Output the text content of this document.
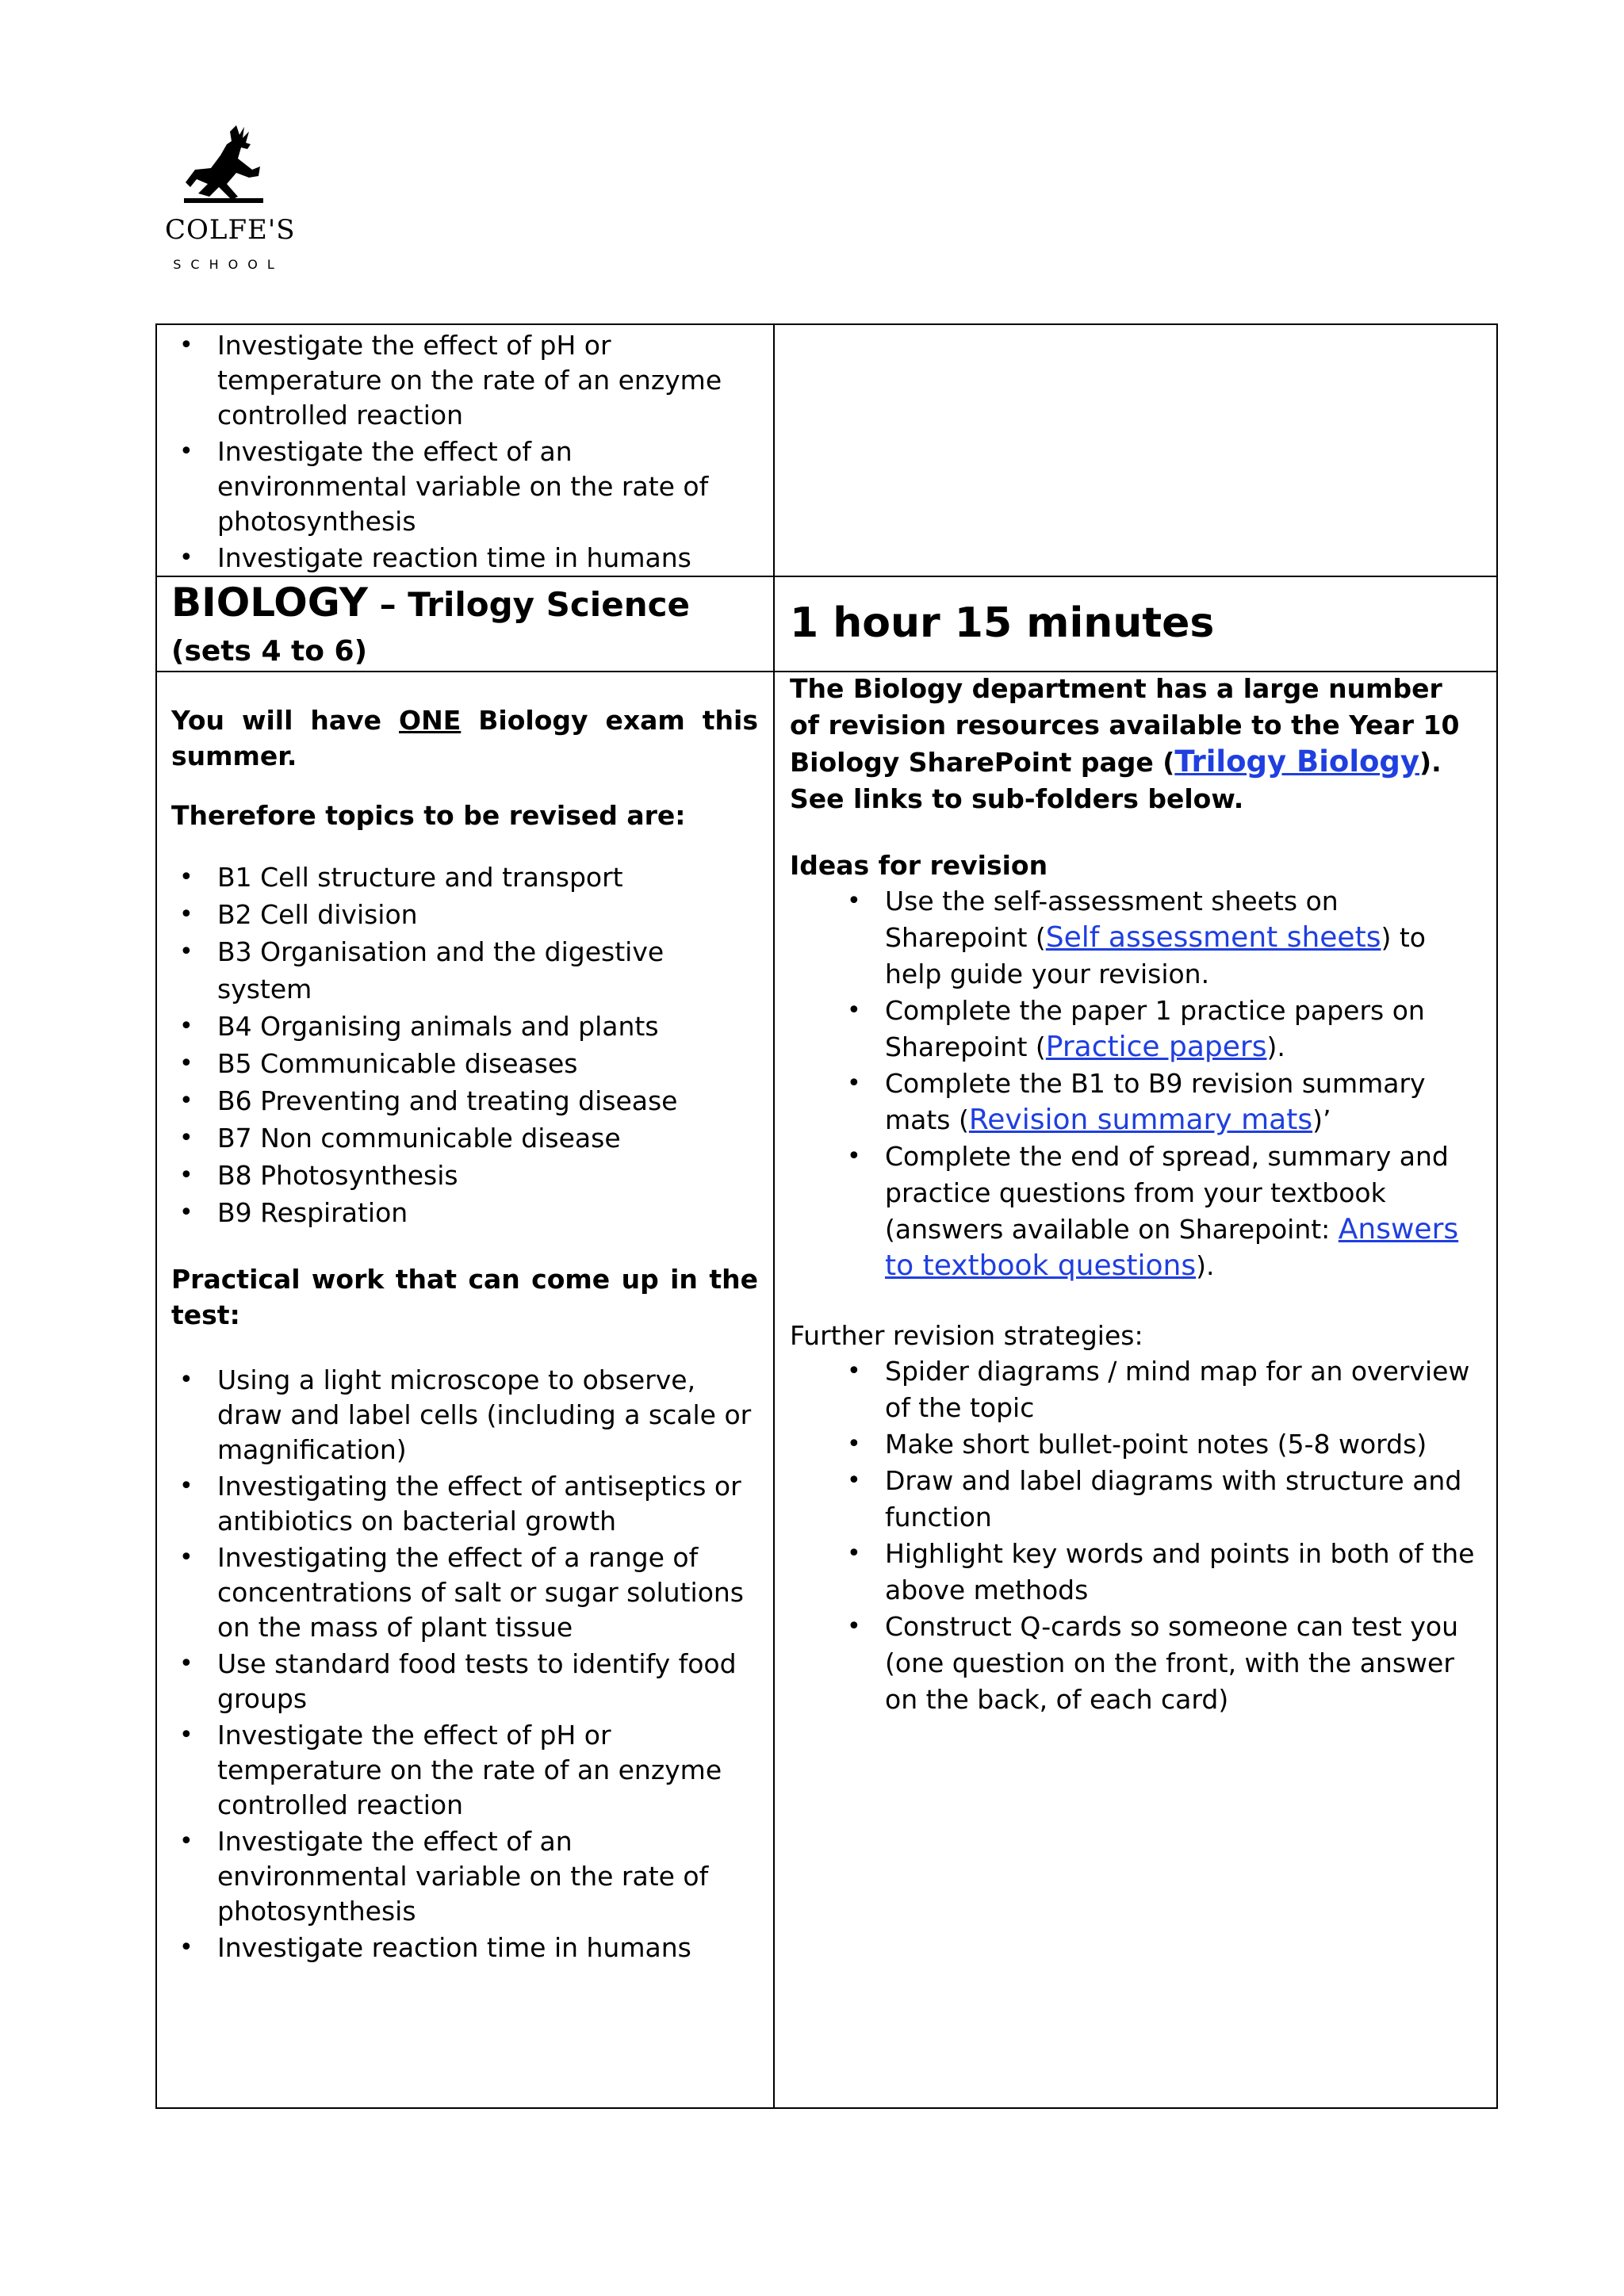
COLFE'S
SCHOOL
• Investigate the effect of pH or temperature on the rate of an enzyme controlled reaction
• Investigate the effect of an environmental variable on the rate of photosynthesis
• Investigate reaction time in humans
BIOLOGY – Trilogy Science
(sets 4 to 6)
1 hour 15 minutes
You will have ONE Biology exam this summer.
Therefore topics to be revised are:
• B1 Cell structure and transport
• B2 Cell division
• B3 Organisation and the digestive system
• B4 Organising animals and plants
• B5 Communicable diseases
• B6 Preventing and treating disease
• B7 Non communicable disease
• B8 Photosynthesis
• B9 Respiration
Practical work that can come up in the test:
• Using a light microscope to observe, draw and label cells (including a scale or magnification)
• Investigating the effect of antiseptics or antibiotics on bacterial growth
• Investigating the effect of a range of concentrations of salt or sugar solutions on the mass of plant tissue
• Use standard food tests to identify food groups
• Investigate the effect of pH or temperature on the rate of an enzyme controlled reaction
• Investigate the effect of an environmental variable on the rate of photosynthesis
• Investigate reaction time in humans
The Biology department has a large number of revision resources available to the Year 10 Biology SharePoint page (Trilogy Biology). See links to sub-folders below.
Ideas for revision
• Use the self-assessment sheets on Sharepoint (Self assessment sheets) to help guide your revision.
• Complete the paper 1 practice papers on Sharepoint (Practice papers).
• Complete the B1 to B9 revision summary mats (Revision summary mats)’
• Complete the end of spread, summary and practice questions from your textbook (answers available on Sharepoint: Answers to textbook questions).
Further revision strategies:
• Spider diagrams / mind map for an overview of the topic
• Make short bullet-point notes (5-8 words)
• Draw and label diagrams with structure and function
• Highlight key words and points in both of the above methods
• Construct Q-cards so someone can test you (one question on the front, with the answer on the back, of each card)
